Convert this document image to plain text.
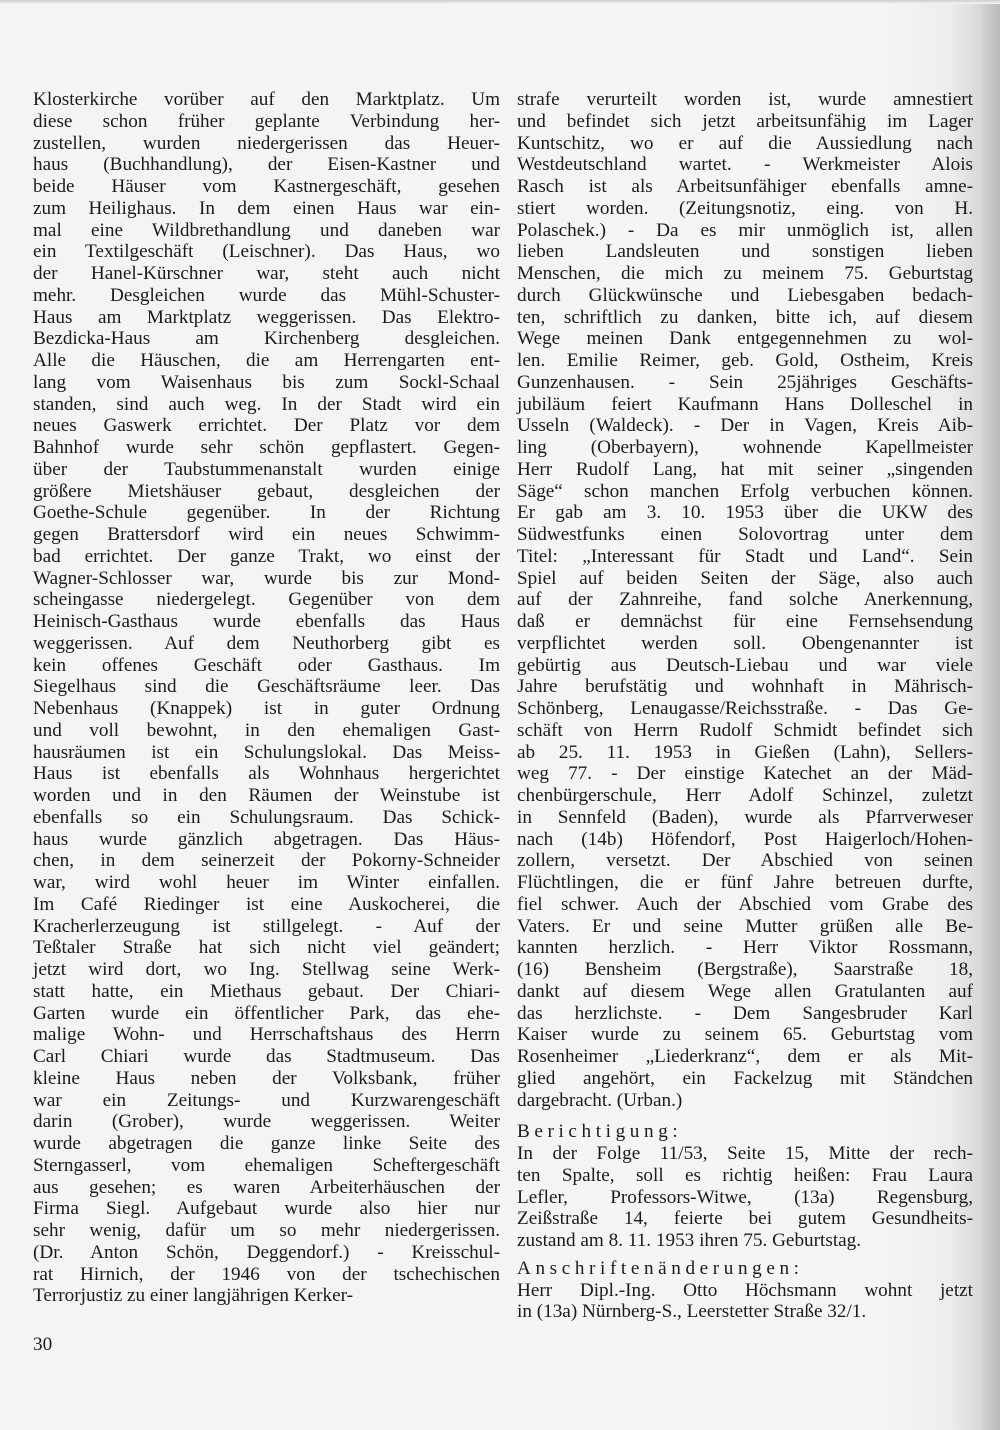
Klosterkirche vorüber auf den Marktplatz. Um
diese schon früher geplante Verbindung her-
zustellen, wurden niedergerissen das Heuer-
haus (Buchhandlung), der Eisen-Kastner und
beide Häuser vom Kastnergeschäft, gesehen
zum Heilighaus. In dem einen Haus war ein-
mal eine Wildbrethandlung und daneben war
ein Textilgeschäft (Leischner). Das Haus, wo
der Hanel-Kürschner war, steht auch nicht
mehr. Desgleichen wurde das Mühl-Schuster-
Haus am Marktplatz weggerissen. Das Elektro-
Bezdicka-Haus am Kirchenberg desgleichen.
Alle die Häuschen, die am Herrengarten ent-
lang vom Waisenhaus bis zum Sockl-Schaal
standen, sind auch weg. In der Stadt wird ein
neues Gaswerk errichtet. Der Platz vor dem
Bahnhof wurde sehr schön gepflastert. Gegen-
über der Taubstummenanstalt wurden einige
größere Mietshäuser gebaut, desgleichen der
Goethe-Schule gegenüber. In der Richtung
gegen Brattersdorf wird ein neues Schwimm-
bad errichtet. Der ganze Trakt, wo einst der
Wagner-Schlosser war, wurde bis zur Mond-
scheingasse niedergelegt. Gegenüber von dem
Heinisch-Gasthaus wurde ebenfalls das Haus
weggerissen. Auf dem Neuthorberg gibt es
kein offenes Geschäft oder Gasthaus. Im
Siegelhaus sind die Geschäftsräume leer. Das
Nebenhaus (Knappek) ist in guter Ordnung
und voll bewohnt, in den ehemaligen Gast-
hausräumen ist ein Schulungslokal. Das Meiss-
Haus ist ebenfalls als Wohnhaus hergerichtet
worden und in den Räumen der Weinstube ist
ebenfalls so ein Schulungsraum. Das Schick-
haus wurde gänzlich abgetragen. Das Häus-
chen, in dem seinerzeit der Pokorny-Schneider
war, wird wohl heuer im Winter einfallen.
Im Café Riedinger ist eine Auskocherei, die
Kracherlerzeugung ist stillgelegt. - Auf der
Teßtaler Straße hat sich nicht viel geändert;
jetzt wird dort, wo Ing. Stellwag seine Werk-
statt hatte, ein Miethaus gebaut. Der Chiari-
Garten wurde ein öffentlicher Park, das ehe-
malige Wohn- und Herrschaftshaus des Herrn
Carl Chiari wurde das Stadtmuseum. Das
kleine Haus neben der Volksbank, früher
war ein Zeitungs- und Kurzwarengeschäft
darin (Grober), wurde weggerissen. Weiter
wurde abgetragen die ganze linke Seite des
Sterngasserl, vom ehemaligen Scheftergeschäft
aus gesehen; es waren Arbeiterhäuschen der
Firma Siegl. Aufgebaut wurde also hier nur
sehr wenig, dafür um so mehr niedergerissen.
(Dr. Anton Schön, Deggendorf.) - Kreisschul-
rat Hirnich, der 1946 von der tschechischen
Terrorjustiz zu einer langjährigen Kerker-
strafe verurteilt worden ist, wurde amnestiert
und befindet sich jetzt arbeitsunfähig im Lager
Kuntschitz, wo er auf die Aussiedlung nach
Westdeutschland wartet. - Werkmeister Alois
Rasch ist als Arbeitsunfähiger ebenfalls amne-
stiert worden. (Zeitungsnotiz, eing. von H.
Polaschek.) - Da es mir unmöglich ist, allen
lieben Landsleuten und sonstigen lieben
Menschen, die mich zu meinem 75. Geburtstag
durch Glückwünsche und Liebesgaben bedach-
ten, schriftlich zu danken, bitte ich, auf diesem
Wege meinen Dank entgegennehmen zu wol-
len. Emilie Reimer, geb. Gold, Ostheim, Kreis
Gunzenhausen. - Sein 25jähriges Geschäfts-
jubiläum feiert Kaufmann Hans Dolleschel in
Usseln (Waldeck). - Der in Vagen, Kreis Aib-
ling (Oberbayern), wohnende Kapellmeister
Herr Rudolf Lang, hat mit seiner „singenden
Säge“ schon manchen Erfolg verbuchen können.
Er gab am 3. 10. 1953 über die UKW des
Südwestfunks einen Solovortrag unter dem
Titel: „Interessant für Stadt und Land“. Sein
Spiel auf beiden Seiten der Säge, also auch
auf der Zahnreihe, fand solche Anerkennung,
daß er demnächst für eine Fernsehsendung
verpflichtet werden soll. Obengenannter ist
gebürtig aus Deutsch-Liebau und war viele
Jahre berufstätig und wohnhaft in Mährisch-
Schönberg, Lenaugasse/Reichsstraße. - Das Ge-
schäft von Herrn Rudolf Schmidt befindet sich
ab 25. 11. 1953 in Gießen (Lahn), Sellers-
weg 77. - Der einstige Katechet an der Mäd-
chenbürgerschule, Herr Adolf Schinzel, zuletzt
in Sennfeld (Baden), wurde als Pfarrverweser
nach (14b) Höfendorf, Post Haigerloch/Hohen-
zollern, versetzt. Der Abschied von seinen
Flüchtlingen, die er fünf Jahre betreuen durfte,
fiel schwer. Auch der Abschied vom Grabe des
Vaters. Er und seine Mutter grüßen alle Be-
kannten herzlich. - Herr Viktor Rossmann,
(16) Bensheim (Bergstraße), Saarstraße 18,
dankt auf diesem Wege allen Gratulanten auf
das herzlichste. - Dem Sangesbruder Karl
Kaiser wurde zu seinem 65. Geburtstag vom
Rosenheimer „Liederkranz“, dem er als Mit-
glied angehört, ein Fackelzug mit Ständchen
dargebracht. (Urban.)
Berichtigung:
In der Folge 11/53, Seite 15, Mitte der rech-
ten Spalte, soll es richtig heißen: Frau Laura
Lefler, Professors-Witwe, (13a) Regensburg,
Zeißstraße 14, feierte bei gutem Gesundheits-
zustand am 8. 11. 1953 ihren 75. Geburtstag.
Anschriftenänderungen:
Herr Dipl.-Ing. Otto Höchsmann wohnt jetzt
in (13a) Nürnberg-S., Leerstetter Straße 32/1.
30
